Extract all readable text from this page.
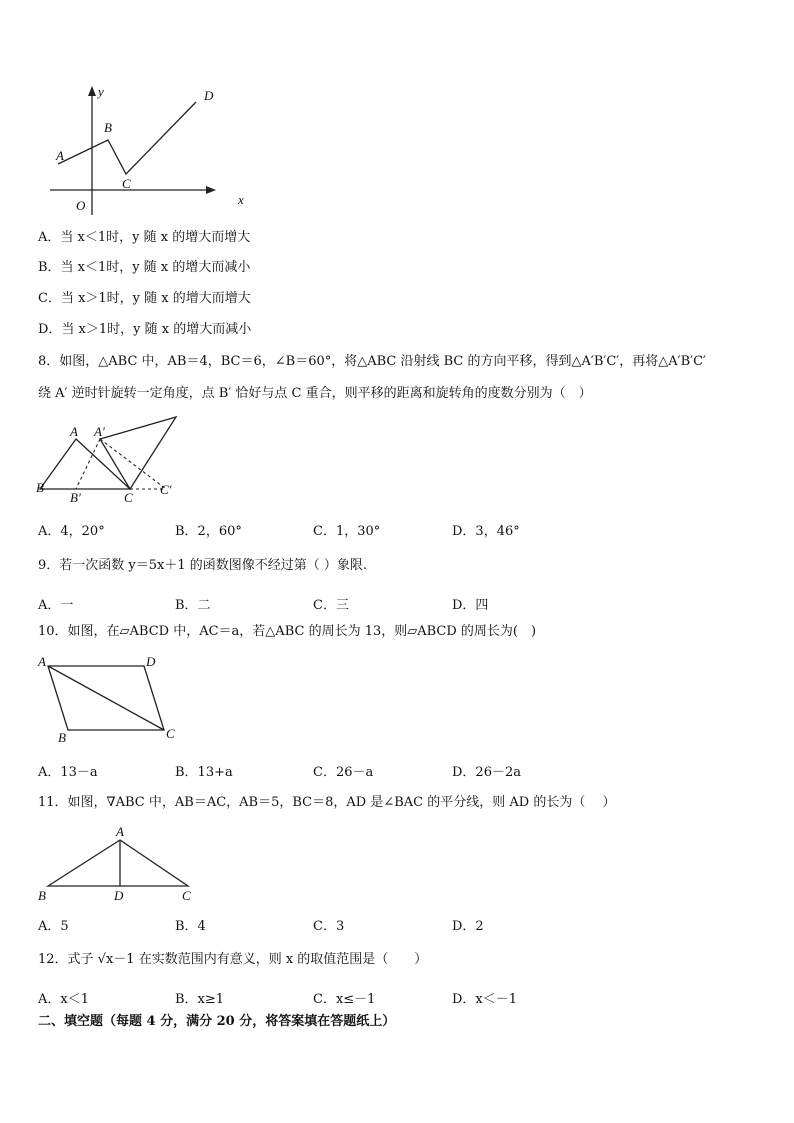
y
x
O
A
B
C
D
A．当 x＜1时，y 随 x 的增大而增大
B．当 x＜1时，y 随 x 的增大而减小
C．当 x＞1时，y 随 x 的增大而增大
D．当 x＞1时，y 随 x 的增大而减小
8．如图，△ABC 中，AB＝4，BC＝6，∠B＝60°，将△ABC 沿射线 BC 的方向平移，得到△A′B′C′，再将△A′B′C′
绕 A′ 逆时针旋转一定角度，点 B′ 恰好与点 C 重合，则平移的距离和旋转角的度数分别为（　）
A A′
B
B′	C
C′
A．4，20°	B．2，60°	C．1，30°	D．3，46°
9．若一次函数 y＝5x＋1 的函数图像不经过第（ ）象限.
A．一	B．二	C．三	D．四
10．如图，在▱ABCD 中，AC＝a，若△ABC 的周长为 13，则▱ABCD 的周长为(　)
A	D
B	C
A．13－a	B．13+a	C．26－a	D．26－2a
11．如图，∇ABC 中，AB＝AC，AB＝5，BC＝8，AD 是∠BAC 的平分线，则 AD 的长为（　 ）
A
B	D	C
A．5	B．4	C．3	D．2
12．式子 √x－1 在实数范围内有意义，则 x 的取值范围是（　　）
A．x＜1	B．x≥1	C．x≤－1	D．x＜－1
二、填空题（每题 4 分，满分 20 分，将答案填在答题纸上）
